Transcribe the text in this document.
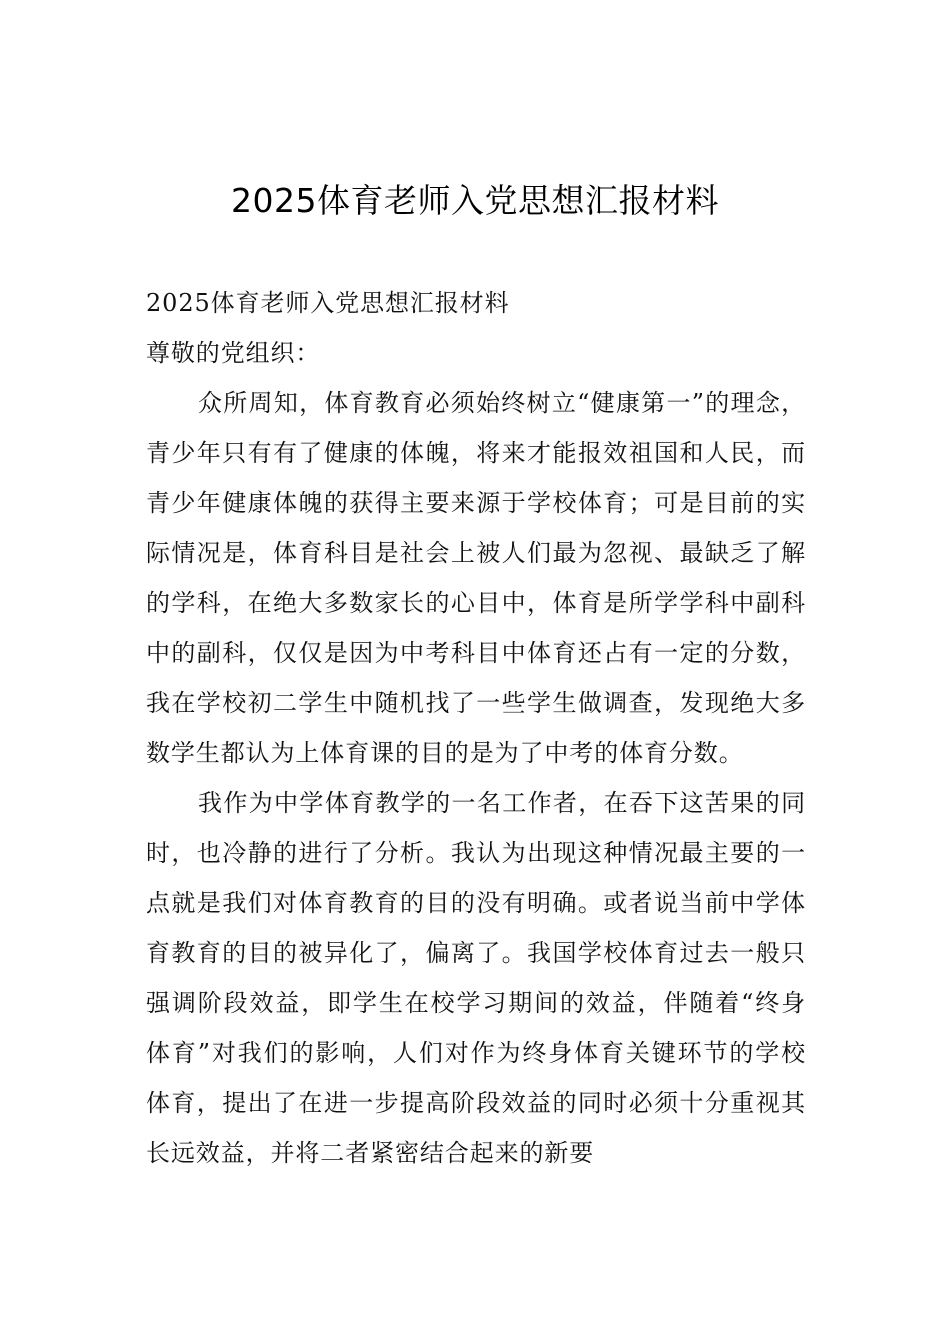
2025体育老师入党思想汇报材料

2025体育老师入党思想汇报材料

尊敬的党组织：

众所周知，体育教育必须始终树立“健康第一”的理念，青少年只有有了健康的体魄，将来才能报效祖国和人民，而青少年健康体魄的获得主要来源于学校体育；可是目前的实际情况是，体育科目是社会上被人们最为忽视、最缺乏了解的学科，在绝大多数家长的心目中，体育是所学学科中副科中的副科，仅仅是因为中考科目中体育还占有一定的分数，我在学校初二学生中随机找了一些学生做调查，发现绝大多数学生都认为上体育课的目的是为了中考的体育分数。

我作为中学体育教学的一名工作者，在吞下这苦果的同时，也冷静的进行了分析。我认为出现这种情况最主要的一点就是我们对体育教育的目的没有明确。或者说当前中学体育教育的目的被异化了，偏离了。我国学校体育过去一般只强调阶段效益，即学生在校学习期间的效益，伴随着“终身体育”对我们的影响，人们对作为终身体育关键环节的学校体育，提出了在进一步提高阶段效益的同时必须十分重视其长远效益，并将二者紧密结合起来的新要
